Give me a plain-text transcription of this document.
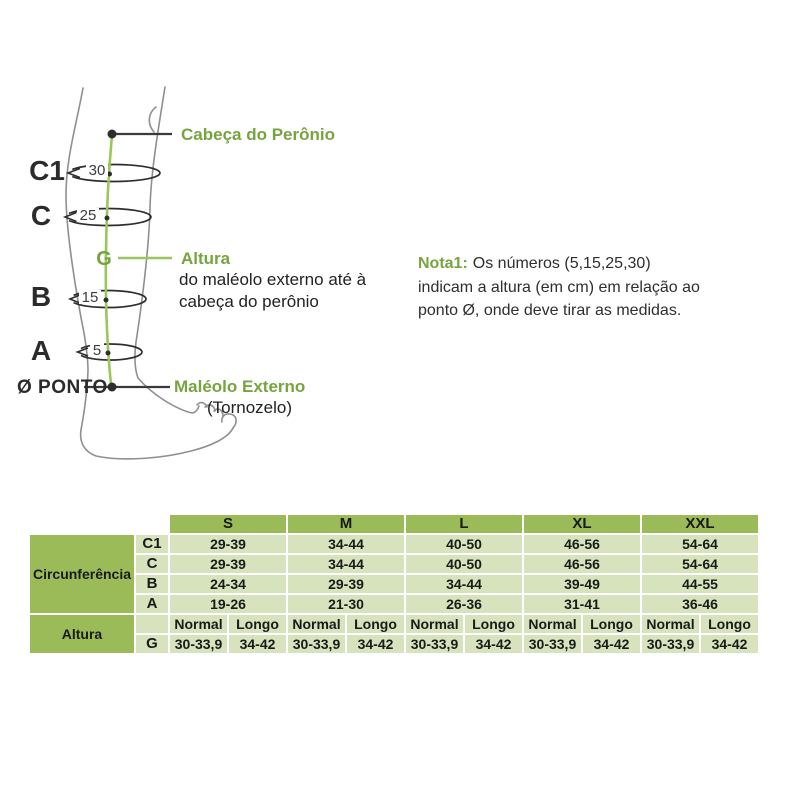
30
25
15
5
C1
C
B
A
Ø PONTO
G
Cabeça do Perônio
Altura
do maléolo externo até à
cabeça do perônio
Maléolo Externo
(Tornozelo)
Nota1: Os números (5,15,25,30)
indicam a altura (em cm) em relação ao
ponto Ø, onde deve tirar as medidas.
		S		M		L		XL		XXL	
Circunferência	C1	29-39		34-44		40-50		46-56		54-64	
	C	29-39		34-44		40-50		46-56		54-64	
	B	24-34		29-39		34-44		39-49		44-55	
	A	19-26		21-30		26-36		31-41		36-46	
Altura		Normal	Longo	Normal	Longo	Normal	Longo	Normal	Longo	Normal	Longo
	G	30-33,9	34-42	30-33,9	34-42	30-33,9	34-42	30-33,9	34-42	30-33,9	34-42
